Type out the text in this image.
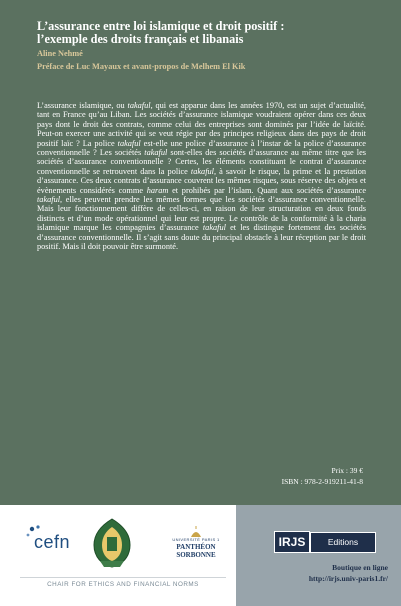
L’assurance entre loi islamique et droit positif :
l’exemple des droits français et libanais
Aline Nehmé
Préface de Luc Mayaux et avant-propos de Melhem El Kik

L’assurance islamique, ou takaful, qui est apparue dans les années 1970, est un sujet d’actualité, tant en France qu’au Liban. Les sociétés d’assurance islamique voudraient opérer dans ces deux pays dont le droit des contrats, comme celui des entreprises sont dominés par l’idée de laïcité. Peut-on exercer une activité qui se veut régie par des principes religieux dans des pays de droit positif laïc ? La police takaful est-elle une police d’assurance à l’instar de la police d’assurance conventionnelle ? Les sociétés takaful sont-elles des sociétés d’assurance au même titre que les sociétés d’assurance conventionnelle ? Certes, les éléments constituant le contrat d’assurance conventionnelle se retrouvent dans la police takaful, à savoir le risque, la prime et la prestation d’assurance. Ces deux contrats d’assurance couvrent les mêmes risques, sous réserve des objets et évènements considérés comme haram et prohibés par l’islam. Quant aux sociétés d’assurance takaful, elles peuvent prendre les mêmes formes que les sociétés d’assurance conventionnelle. Mais leur fonctionnement diffère de celles-ci, en raison de leur structuration en deux fonds distincts et d’un mode opérationnel qui leur est propre. Le contrôle de la conformité à la charia islamique marque les compagnies d’assurance takaful et les distingue fortement des sociétés d’assurance conventionnelle. Il s’agit sans doute du principal obstacle à leur réception par le droit positif. Mais il doit pouvoir être surmonté.

Prix : 39 €
ISBN : 978-2-919211-41-8
cefn	UNIVERSITÉ PARIS 1
PANTHÉON SORBONNE
CHAIR FOR ETHICS AND FINANCIAL NORMS
IRJS	Editions
Boutique en ligne
http://irjs.univ-paris1.fr/
